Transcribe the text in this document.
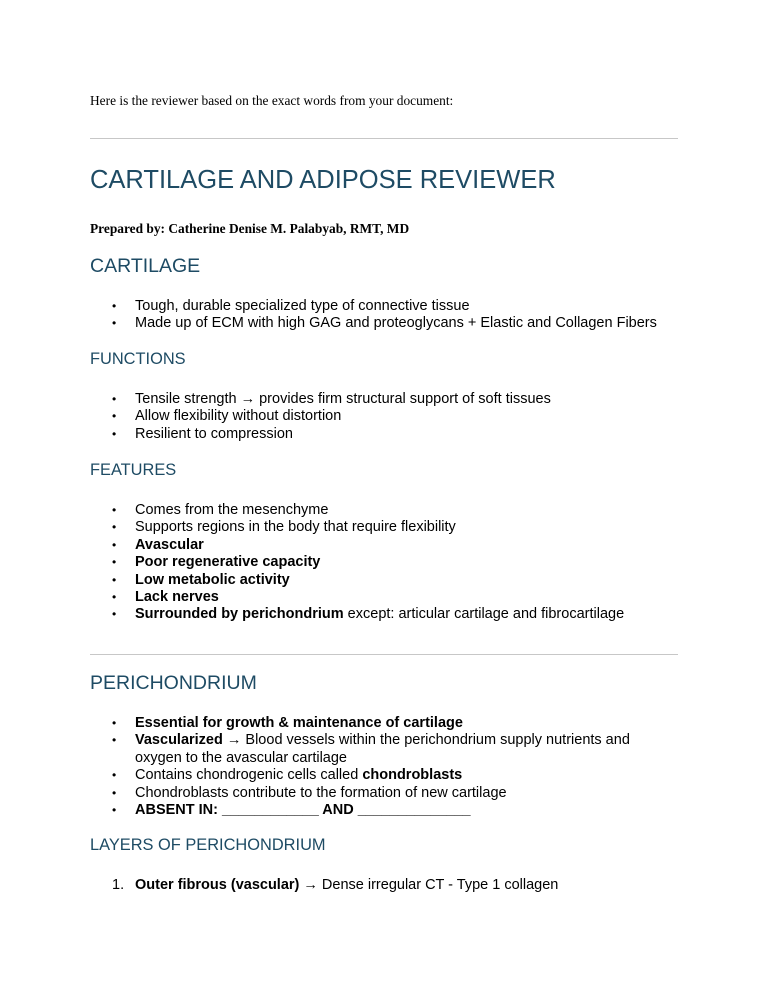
Here is the reviewer based on the exact words from your document:
CARTILAGE AND ADIPOSE REVIEWER
Prepared by: Catherine Denise M. Palabyab, RMT, MD
CARTILAGE
• Tough, durable specialized type of connective tissue
• Made up of ECM with high GAG and proteoglycans + Elastic and Collagen Fibers
FUNCTIONS
• Tensile strength → provides firm structural support of soft tissues
• Allow flexibility without distortion
• Resilient to compression
FEATURES
• Comes from the mesenchyme
• Supports regions in the body that require flexibility
• Avascular
• Poor regenerative capacity
• Low metabolic activity
• Lack nerves
• Surrounded by perichondrium except: articular cartilage and fibrocartilage
PERICHONDRIUM
• Essential for growth & maintenance of cartilage
• Vascularized → Blood vessels within the perichondrium supply nutrients and oxygen to the avascular cartilage
• Contains chondrogenic cells called chondroblasts
• Chondroblasts contribute to the formation of new cartilage
• ABSENT IN: ____________ AND ______________
LAYERS OF PERICHONDRIUM
1. Outer fibrous (vascular) → Dense irregular CT - Type 1 collagen
